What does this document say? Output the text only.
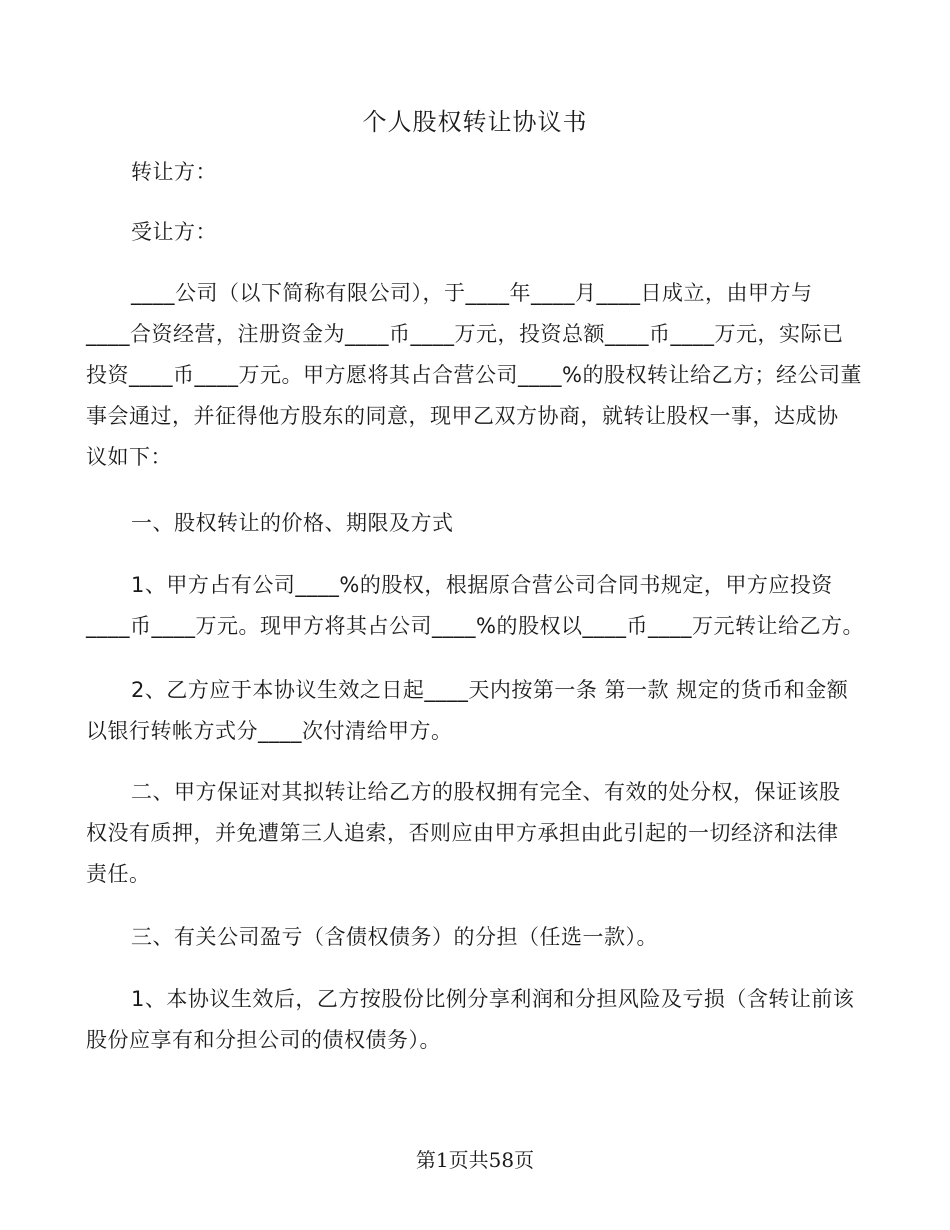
个人股权转让协议书

转让方：

受让方：

____公司（以下简称有限公司），于____年____月____日成立，由甲方与
____合资经营，注册资金为____币____万元，投资总额____币____万元，实际已
投资____币____万元。甲方愿将其占合营公司____%的股权转让给乙方；经公司董
事会通过，并征得他方股东的同意，现甲乙双方协商，就转让股权一事，达成协
议如下：

一、股权转让的价格、期限及方式

1、甲方占有公司____%的股权，根据原合营公司合同书规定，甲方应投资
____币____万元。现甲方将其占公司____%的股权以____币____万元转让给乙方。
2、乙方应于本协议生效之日起____天内按第一条 第一款 规定的货币和金额
以银行转帐方式分____次付清给甲方。
二、甲方保证对其拟转让给乙方的股权拥有完全、有效的处分权，保证该股
权没有质押，并免遭第三人追索，否则应由甲方承担由此引起的一切经济和法律
责任。

三、有关公司盈亏（含债权债务）的分担（任选一款）。

1、本协议生效后，乙方按股份比例分享利润和分担风险及亏损（含转让前该
股份应享有和分担公司的债权债务）。

第1页共58页
